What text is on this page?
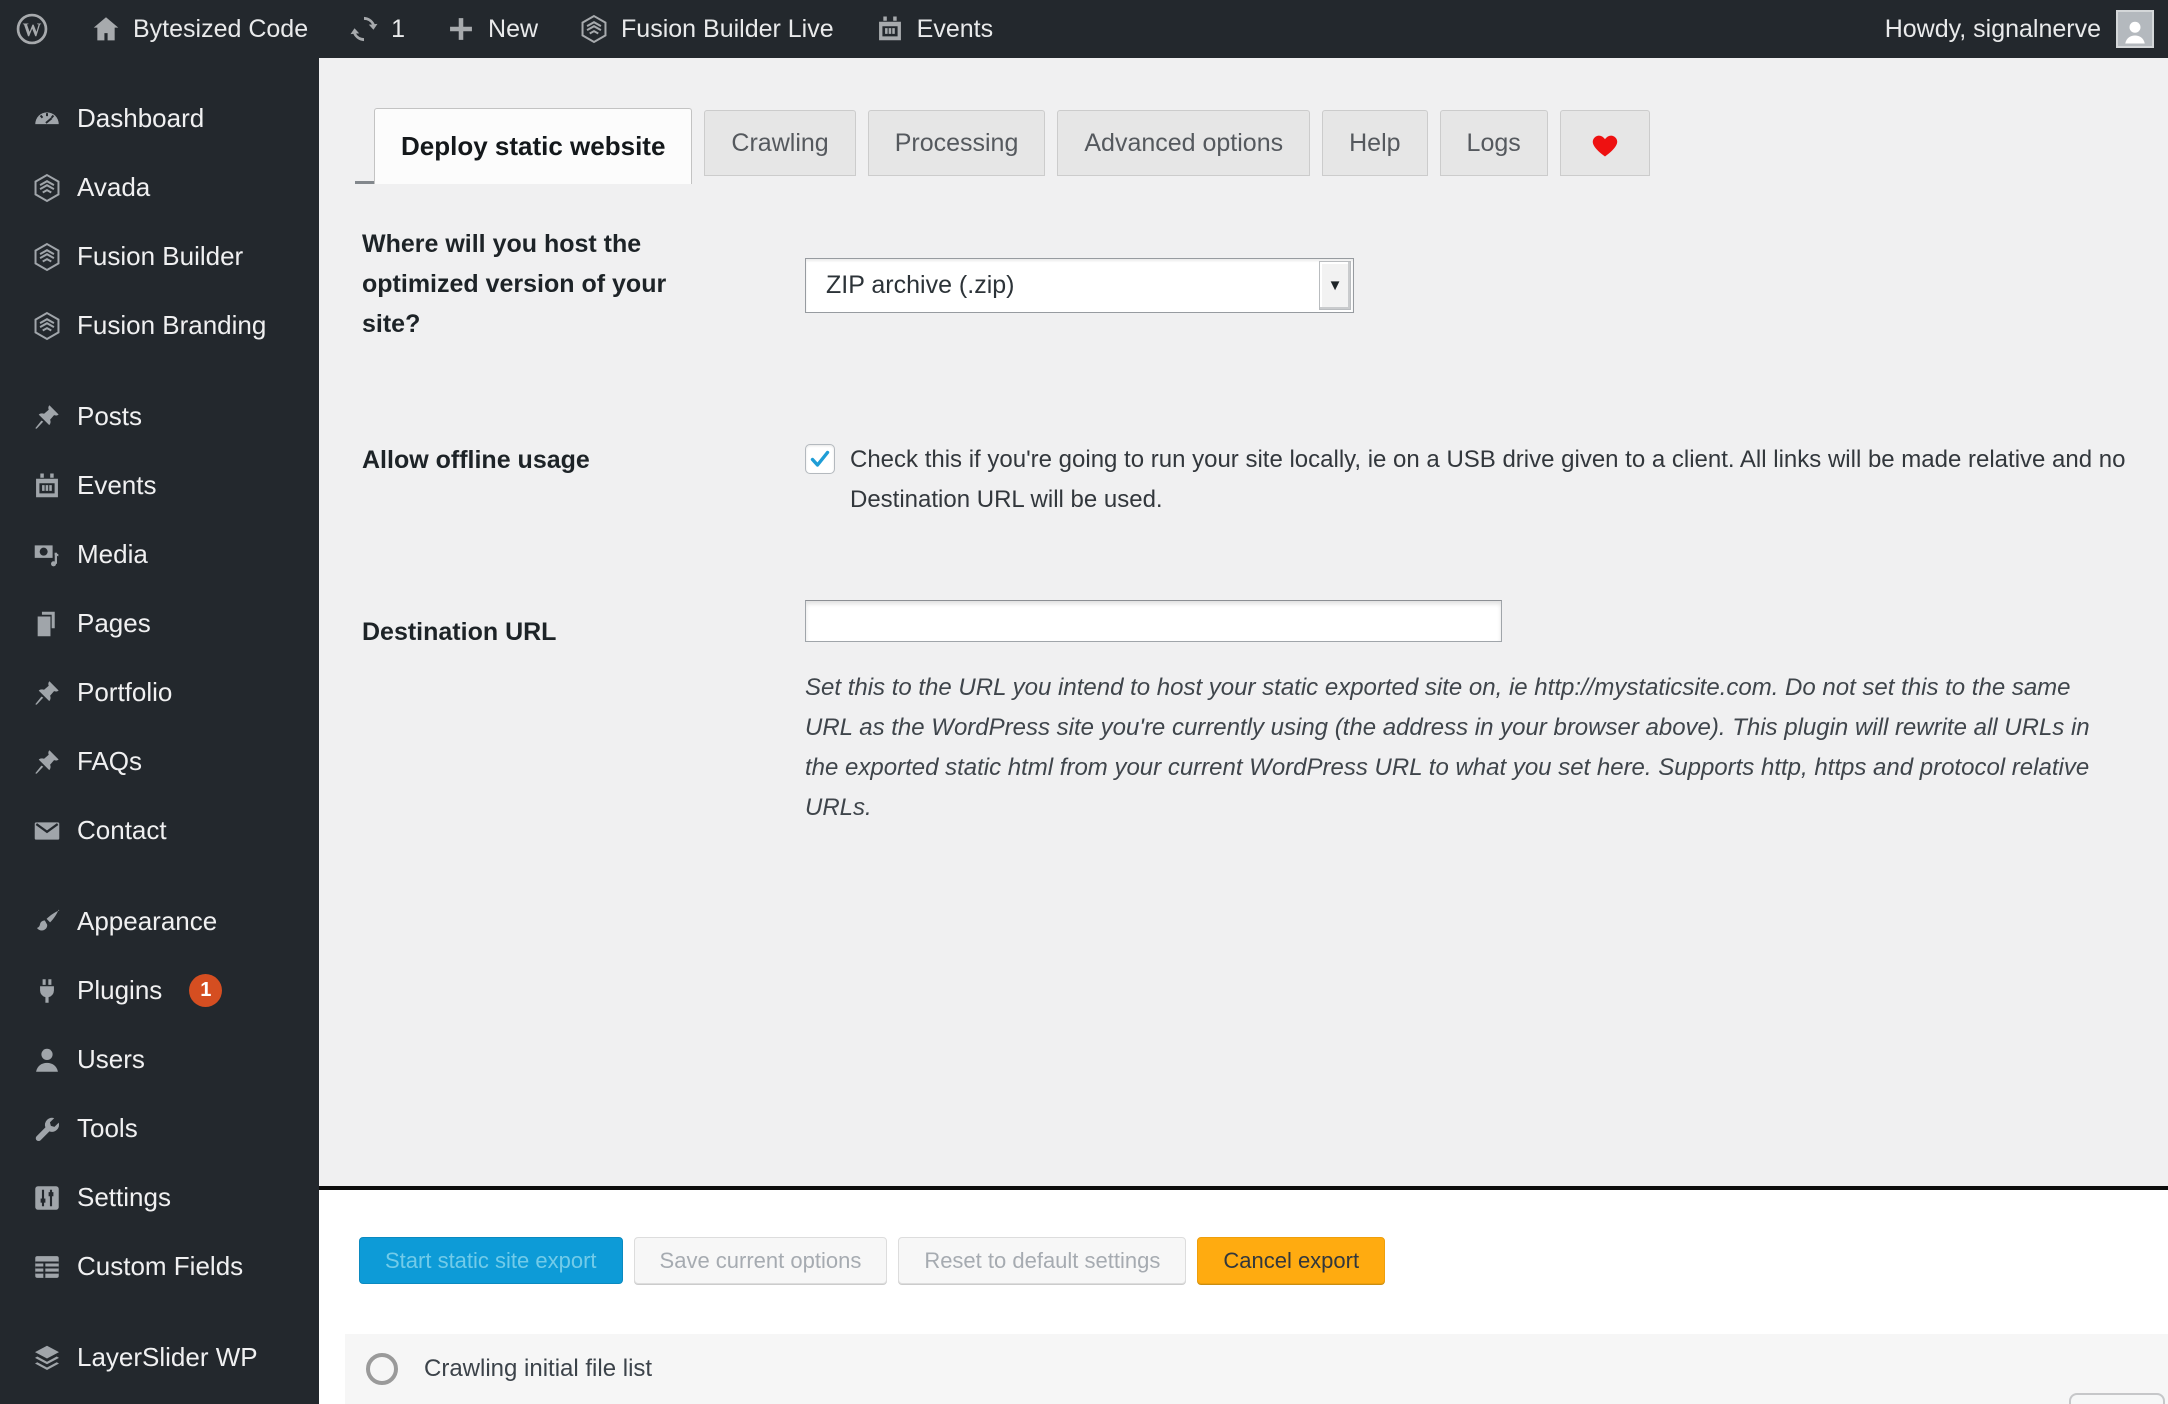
W	Bytesized Code	1	New	Fusion Builder Live	Events	Howdy, signalnerve
Dashboard
Avada
Fusion Builder
Fusion Branding
Posts
Events
Media
Pages
Portfolio
FAQs
Contact
Appearance
Plugins	1
Users
Tools
Settings
Custom Fields
LayerSlider WP
Deploy static website	Crawling	Processing	Advanced options	Help	Logs
Where will you host the optimized version of your site?
ZIP archive (.zip)	▼
Allow offline usage	Check this if you're going to run your site locally, ie on a USB drive given to a client. All links will be made relative and no Destination URL will be used.
Destination URL
Set this to the URL you intend to host your static exported site on, ie http://mystaticsite.com. Do not set this to the same URL as the WordPress site you're currently using (the address in your browser above). This plugin will rewrite all URLs in the exported static html from your current WordPress URL to what you set here. Supports http, https and protocol relative URLs.
Start static site export	Save current options	Reset to default settings	Cancel export
Crawling initial file list
